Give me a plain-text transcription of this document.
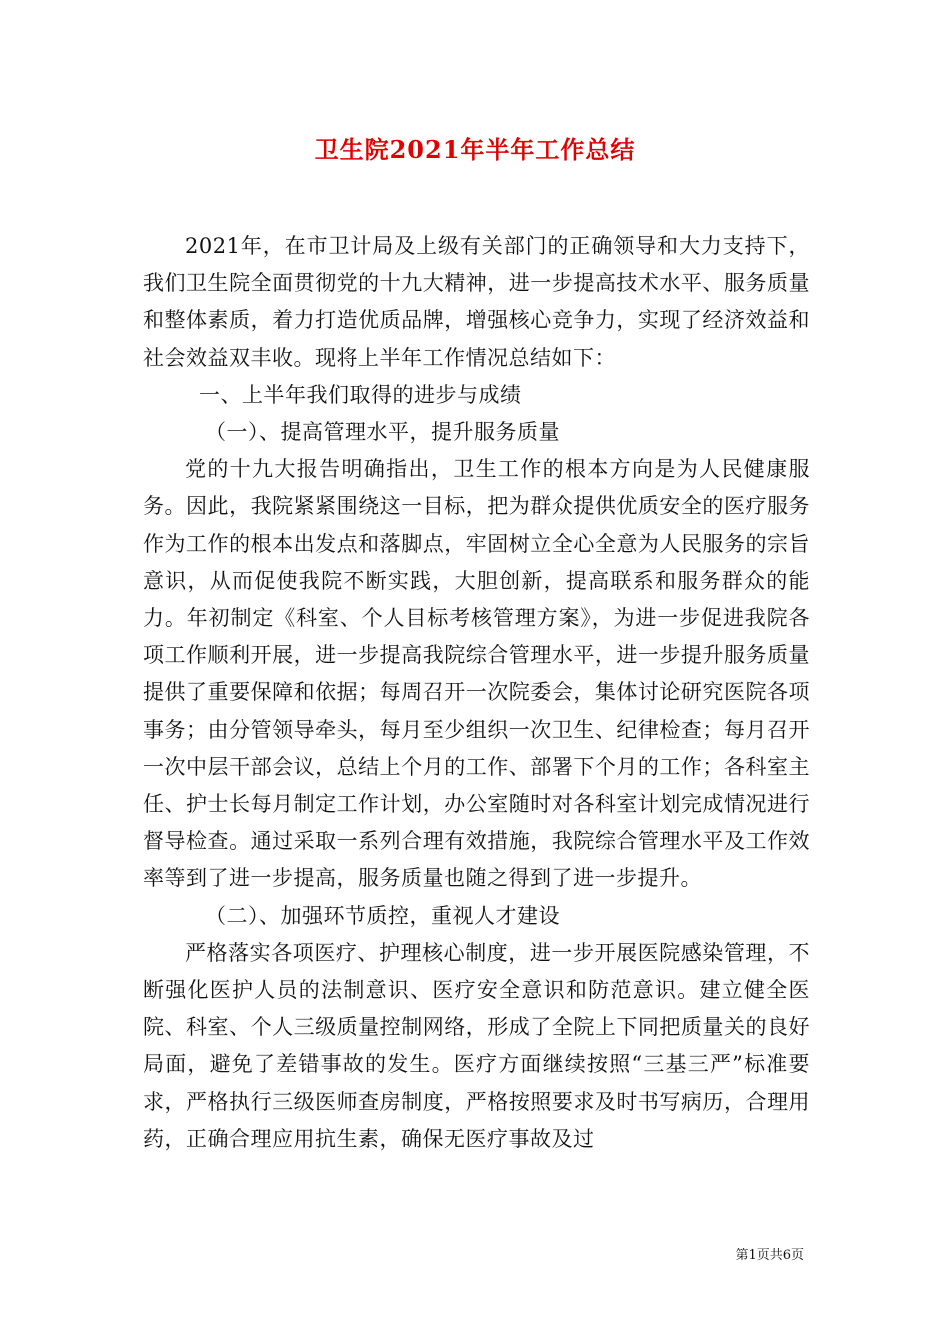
卫生院2021年半年工作总结

2021年，在市卫计局及上级有关部门的正确领导和大力支持下，我们卫生院全面贯彻党的十九大精神，进一步提高技术水平、服务质量和整体素质，着力打造优质品牌，增强核心竞争力，实现了经济效益和社会效益双丰收。现将上半年工作情况总结如下：

一、上半年我们取得的进步与成绩

（一）、提高管理水平，提升服务质量

党的十九大报告明确指出，卫生工作的根本方向是为人民健康服务。因此，我院紧紧围绕这一目标，把为群众提供优质安全的医疗服务作为工作的根本出发点和落脚点，牢固树立全心全意为人民服务的宗旨意识，从而促使我院不断实践，大胆创新，提高联系和服务群众的能力。年初制定《科室、个人目标考核管理方案》，为进一步促进我院各项工作顺利开展，进一步提高我院综合管理水平，进一步提升服务质量提供了重要保障和依据；每周召开一次院委会，集体讨论研究医院各项事务；由分管领导牵头，每月至少组织一次卫生、纪律检查；每月召开一次中层干部会议，总结上个月的工作、部署下个月的工作；各科室主任、护士长每月制定工作计划，办公室随时对各科室计划完成情况进行督导检查。通过采取一系列合理有效措施，我院综合管理水平及工作效率等到了进一步提高，服务质量也随之得到了进一步提升。

（二）、加强环节质控，重视人才建设

严格落实各项医疗、护理核心制度，进一步开展医院感染管理，不断强化医护人员的法制意识、医疗安全意识和防范意识。建立健全医院、科室、个人三级质量控制网络，形成了全院上下同把质量关的良好局面，避免了差错事故的发生。医疗方面继续按照“三基三严”标准要求，严格执行三级医师查房制度，严格按照要求及时书写病历，合理用药，正确合理应用抗生素，确保无医疗事故及过

第1页共6页
